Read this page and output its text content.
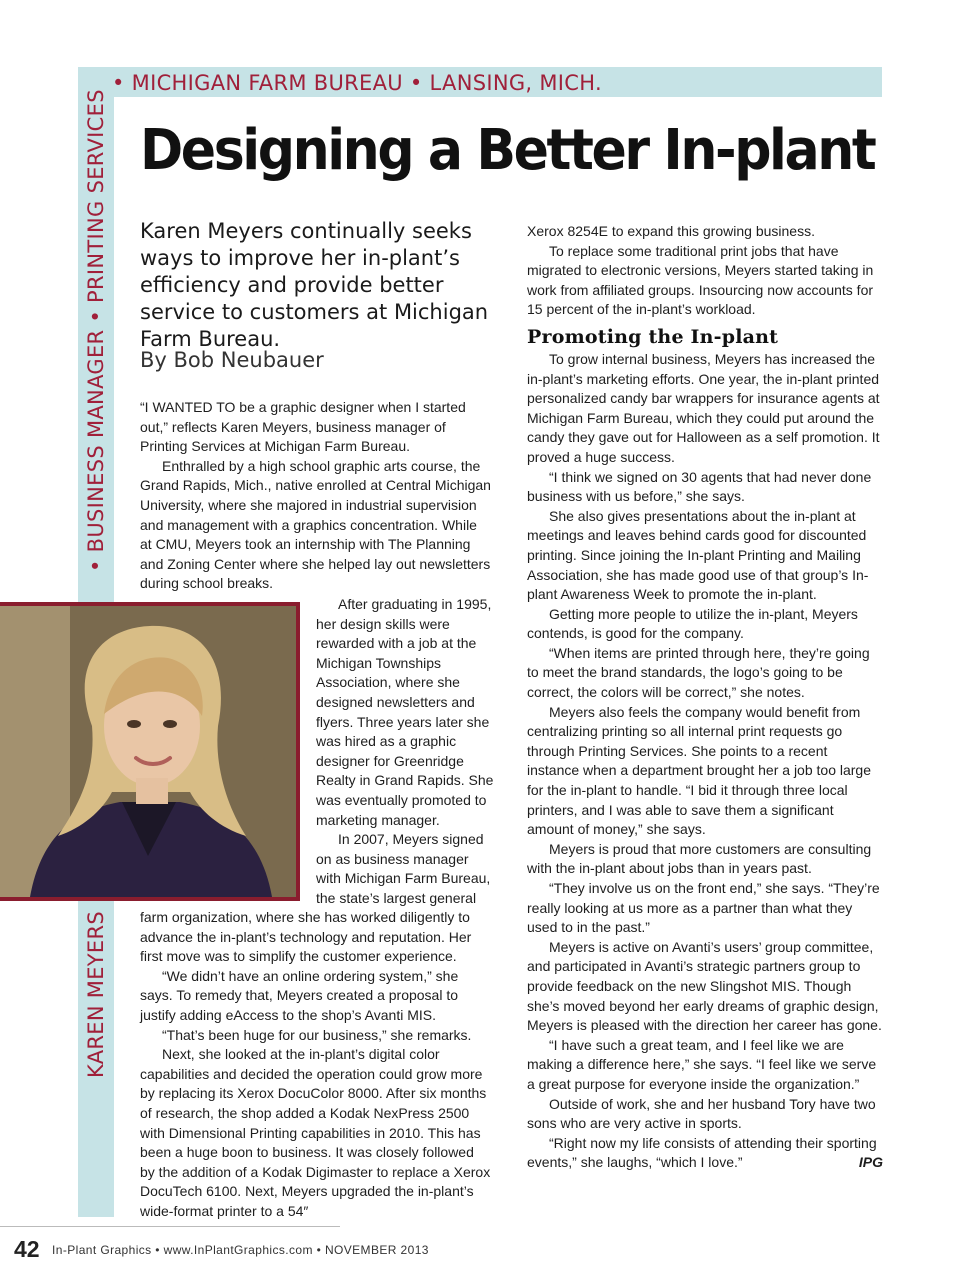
• MICHIGAN FARM BUREAU • LANSING, MICH.
• BUSINESS MANAGER • PRINTING SERVICES
KAREN MEYERS
Designing a Better In-plant
Karen Meyers continually seeks ways to improve her in-plant’s efficiency and provide better service to customers at Michigan Farm Bureau.
By Bob Neubauer

“I WANTED TO be a graphic designer when I started out,” reflects Karen Meyers, business manager of Printing Services at Michigan Farm Bureau.

Enthralled by a high school graphic arts course, the Grand Rapids, Mich., native enrolled at Central Michigan University, where she majored in industrial supervision and management with a graphics concentration. While at CMU, Meyers took an internship with The Planning and Zoning Center where she helped lay out newsletters during school breaks.

After graduating in 1995, her design skills were rewarded with a job at the Michigan Townships Association, where she designed newsletters and flyers. Three years later she was hired as a graphic designer for Greenridge Realty in Grand Rapids. She was eventually promoted to marketing manager.

In 2007, Meyers signed on as business manager with Michigan Farm Bureau, the state’s largest general

farm organization, where she has worked diligently to advance the in-plant’s technology and reputation. Her first move was to simplify the customer experience.

“We didn’t have an online ordering system,” she says. To remedy that, Meyers created a proposal to justify adding eAccess to the shop’s Avanti MIS.

“That’s been huge for our business,” she remarks.

Next, she looked at the in-plant’s digital color capabilities and decided the operation could grow more by replacing its Xerox DocuColor 8000. After six months of research, the shop added a Kodak NexPress 2500 with Dimensional Printing capabilities in 2010. This has been a huge boon to business. It was closely followed by the addition of a Kodak Digimaster to replace a Xerox DocuTech 6100. Next, Meyers upgraded the in-plant’s wide-format printer to a 54″

Xerox 8254E to expand this growing business.

To replace some traditional print jobs that have migrated to electronic versions, Meyers started taking in work from affiliated groups. Insourcing now accounts for 15 percent of the in-plant’s workload.

Promoting the In-plant

To grow internal business, Meyers has increased the in-plant’s marketing efforts. One year, the in-plant printed personalized candy bar wrappers for insurance agents at Michigan Farm Bureau, which they could put around the candy they gave out for Halloween as a self promotion. It proved a huge success.

“I think we signed on 30 agents that had never done business with us before,” she says.

She also gives presentations about the in-plant at meetings and leaves behind cards good for discounted printing. Since joining the In-plant Printing and Mailing Association, she has made good use of that group’s In-plant Awareness Week to promote the in-plant.

Getting more people to utilize the in-plant, Meyers contends, is good for the company.

“When items are printed through here, they’re going to meet the brand standards, the logo’s going to be correct, the colors will be correct,” she notes.

Meyers also feels the company would benefit from centralizing printing so all internal print requests go through Printing Services. She points to a recent instance when a department brought her a job too large for the in-plant to handle. “I bid it through three local printers, and I was able to save them a significant amount of money,” she says.

Meyers is proud that more customers are consulting with the in-plant about jobs than in years past.

“They involve us on the front end,” she says. “They’re really looking at us more as a partner than what they used to in the past.”

Meyers is active on Avanti’s users’ group committee, and participated in Avanti’s strategic partners group to provide feedback on the new Slingshot MIS. Though she’s moved beyond her early dreams of graphic design, Meyers is pleased with the direction her career has gone.

“I have such a great team, and I feel like we are making a difference here,” she says. “I feel like we serve a great purpose for everyone inside the organization.”

Outside of work, she and her husband Tory have two sons who are very active in sports.

“Right now my life consists of attending their sporting events,” she laughs, “which I love.”	IPG

42 In-Plant Graphics • www.InPlantGraphics.com • NOVEMBER 2013
